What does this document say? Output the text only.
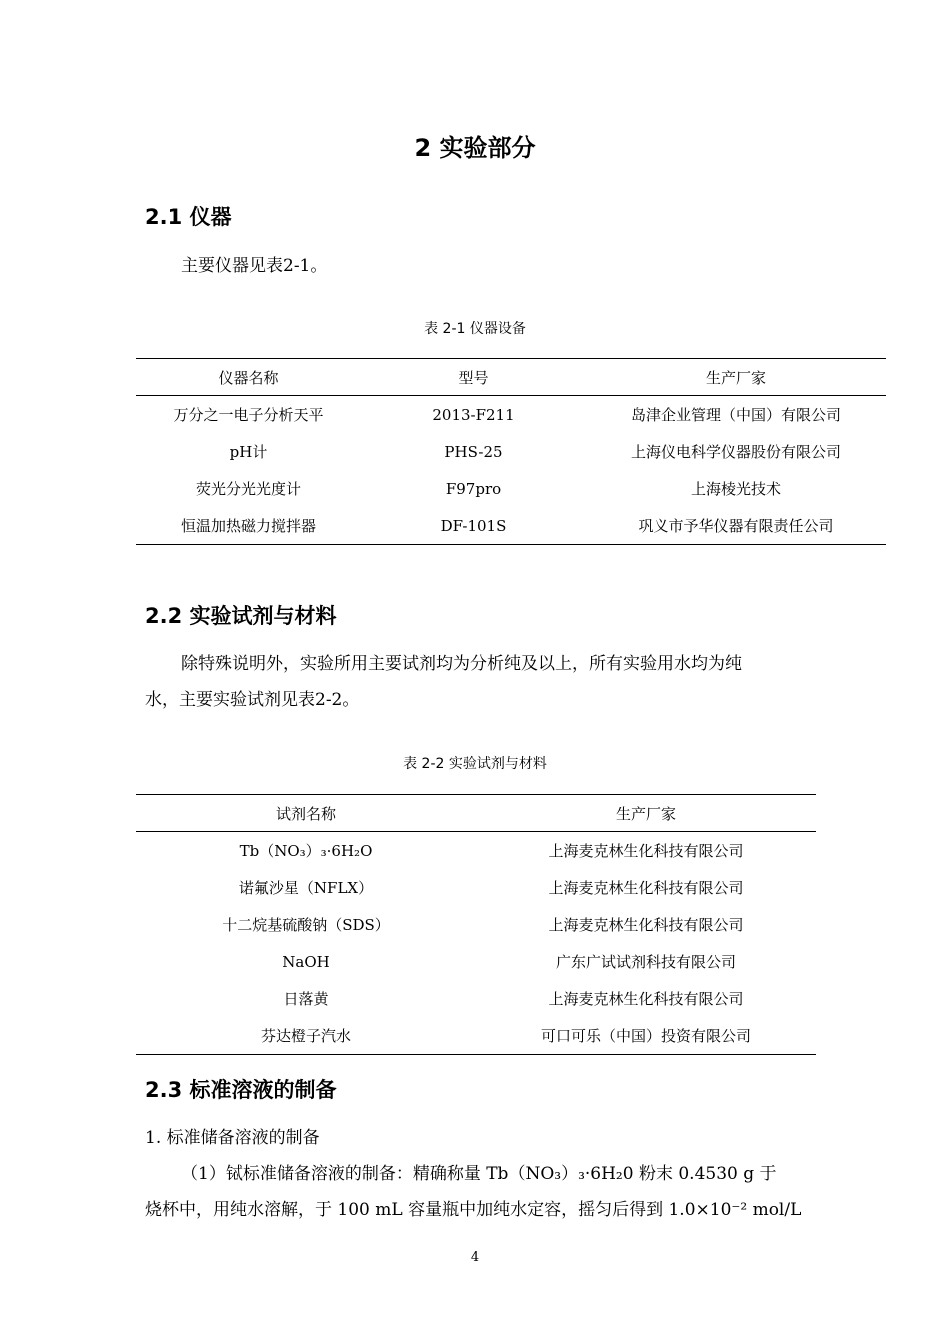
2 实验部分
2.1 仪器
主要仪器见表2-1。
表 2-1 仪器设备
仪器名称	型号	生产厂家
万分之一电子分析天平	2013-F211	岛津企业管理（中国）有限公司
pH计	PHS-25	上海仪电科学仪器股份有限公司
荧光分光光度计	F97pro	上海棱光技术
恒温加热磁力搅拌器	DF-101S	巩义市予华仪器有限责任公司
2.2 实验试剂与材料
除特殊说明外，实验所用主要试剂均为分析纯及以上，所有实验用水均为纯
水，主要实验试剂见表2-2。
表 2-2 实验试剂与材料
试剂名称	生产厂家
Tb（NO₃）₃·6H₂O	上海麦克林生化科技有限公司
诺氟沙星（NFLX）	上海麦克林生化科技有限公司
十二烷基硫酸钠（SDS）	上海麦克林生化科技有限公司
NaOH	广东广试试剂科技有限公司
日落黄	上海麦克林生化科技有限公司
芬达橙子汽水	可口可乐（中国）投资有限公司
2.3 标准溶液的制备
1. 标准储备溶液的制备
（1）铽标准储备溶液的制备：精确称量 Tb（NO₃）₃·6H₂0 粉末 0.4530 g 于
烧杯中，用纯水溶解，于 100 mL 容量瓶中加纯水定容，摇匀后得到 1.0×10⁻² mol/L
4
